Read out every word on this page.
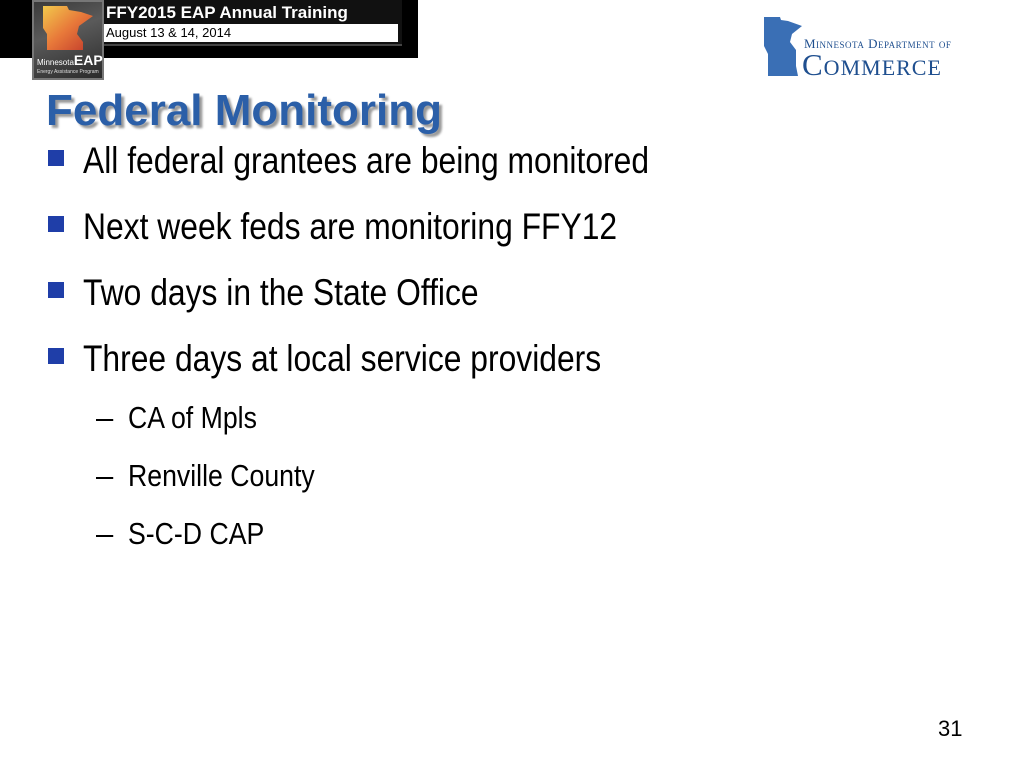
FFY2015 EAP Annual Training
August 13 & 14, 2014
MinnesotaEAP
Energy Assistance Program
Minnesota Department of
Commerce
Federal Monitoring
All federal grantees are being monitored
Next week feds are monitoring FFY12
Two days in the State Office
Three days at local service providers
– CA of Mpls
– Renville County
– S-C-D CAP
31
